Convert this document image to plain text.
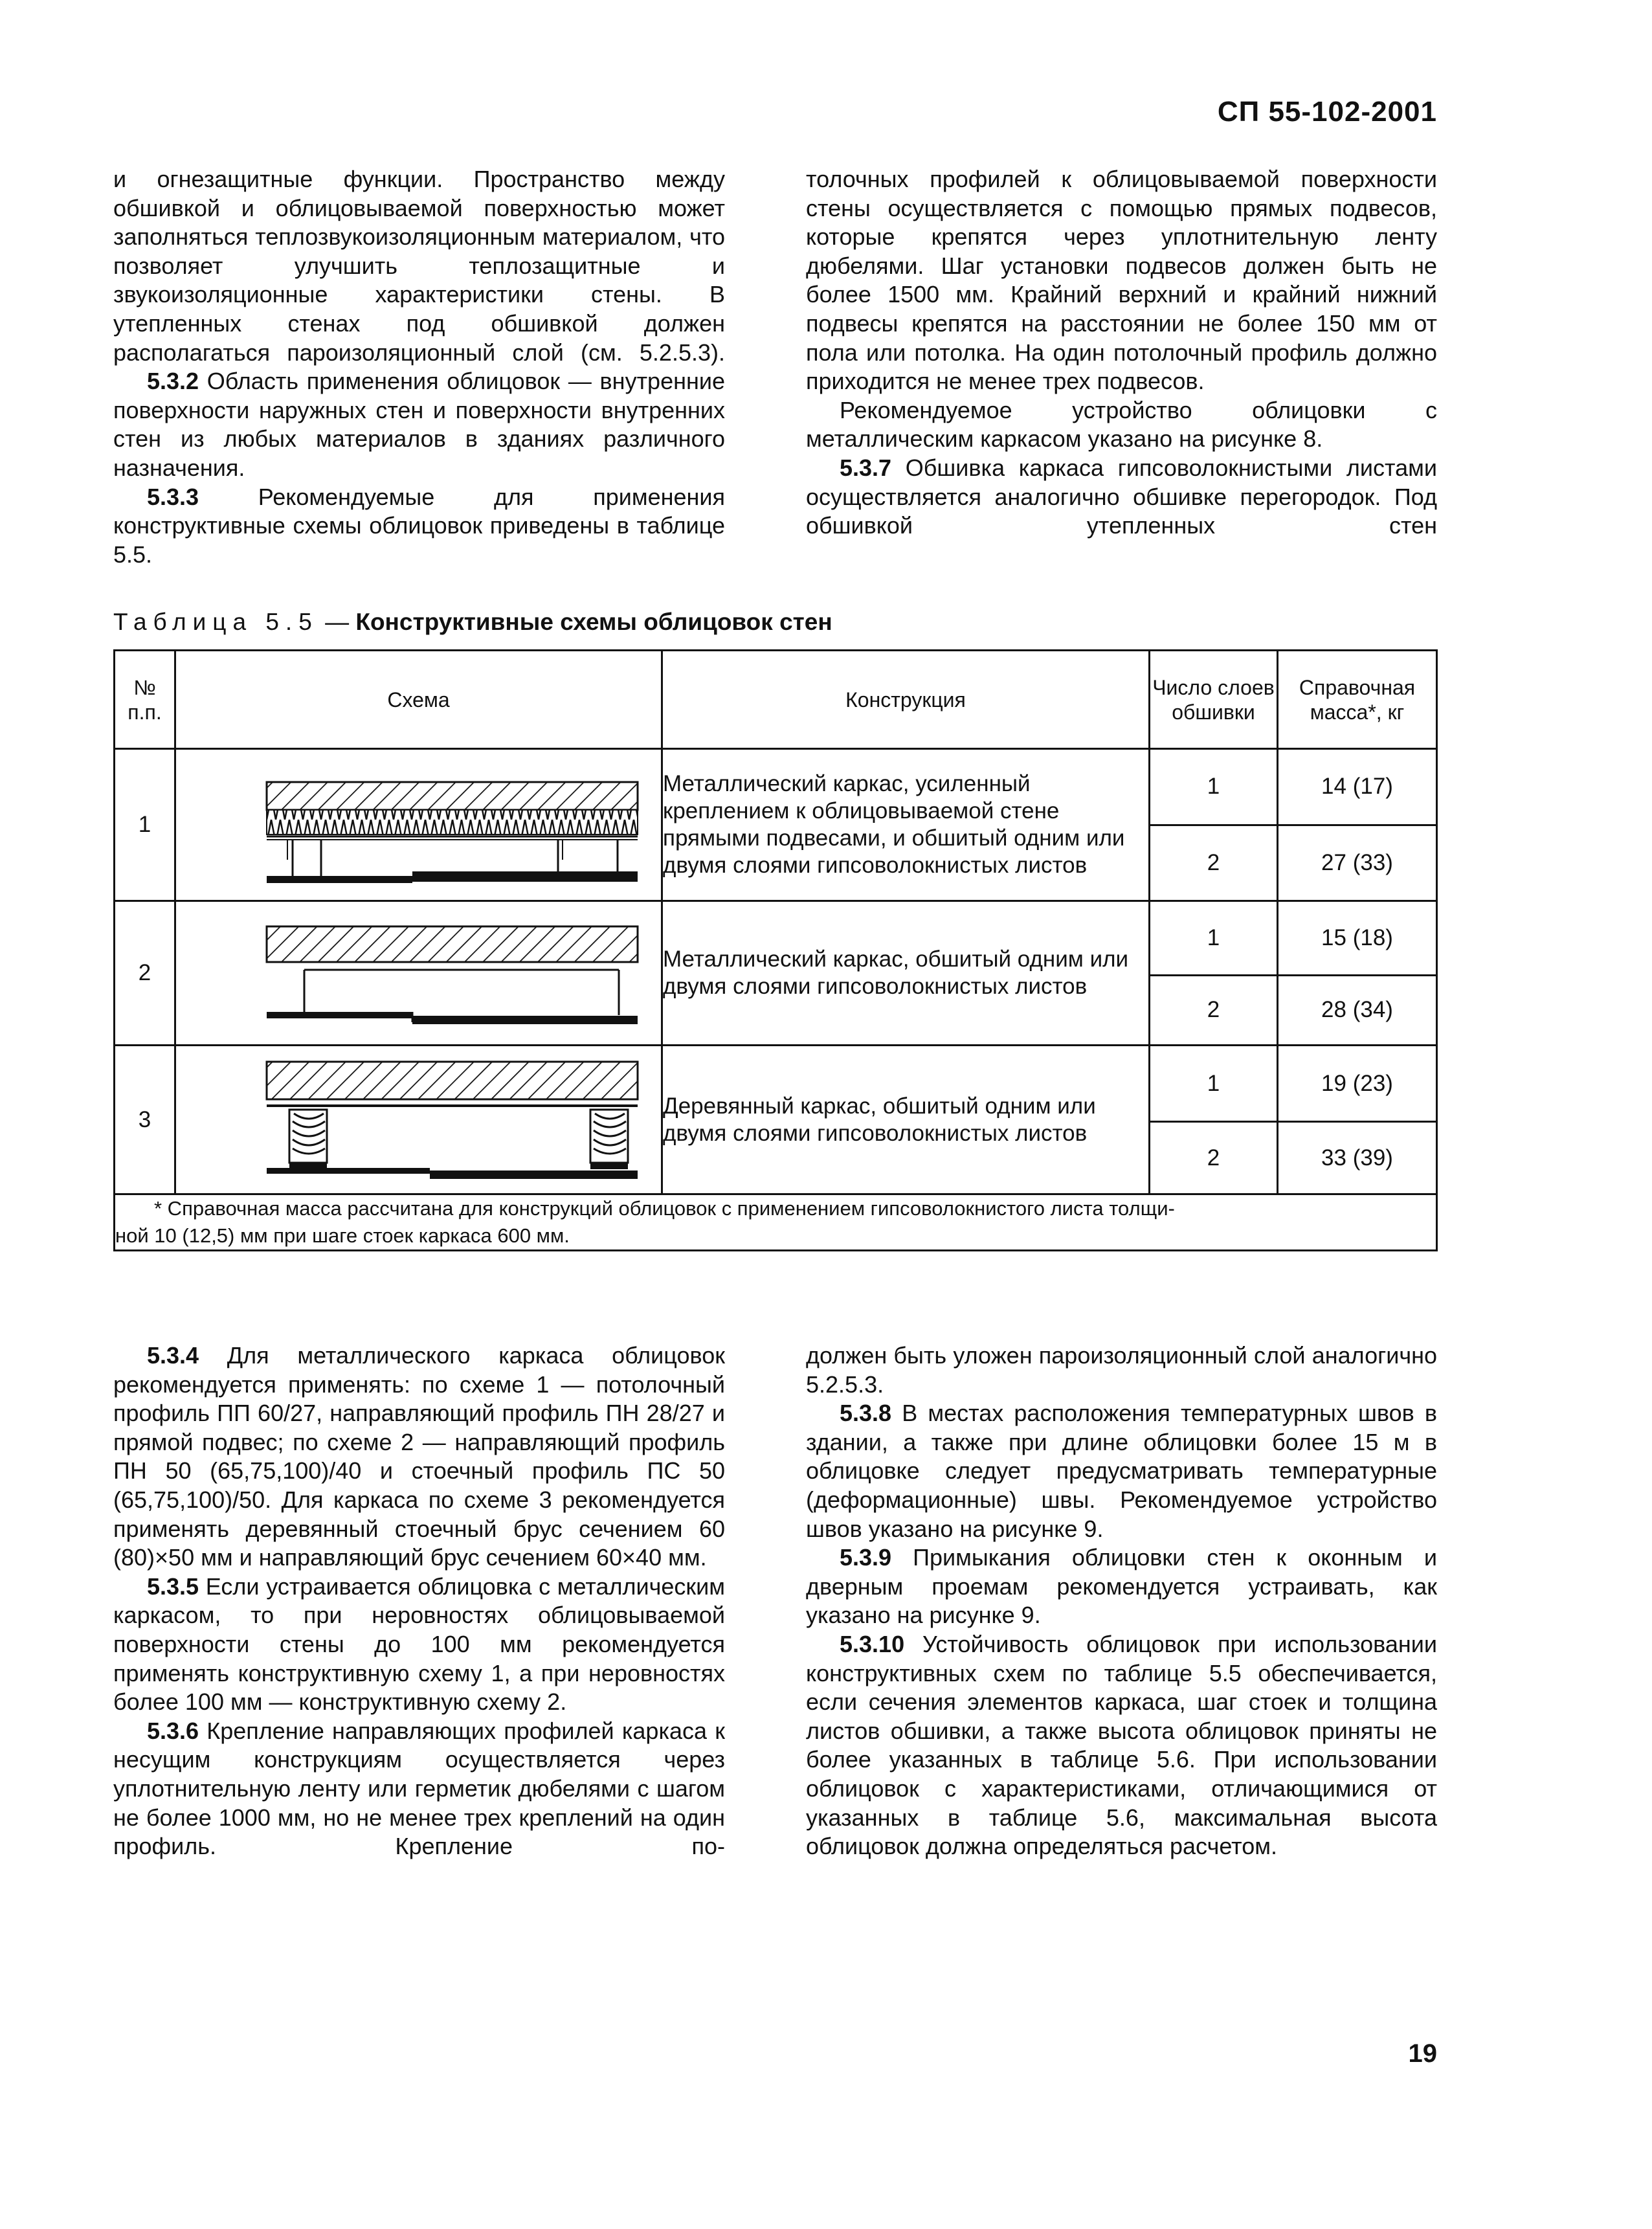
СП 55-102-2001

и огнезащитные функции. Пространство между обшивкой и облицовываемой поверхностью может заполняться теплозвукоизоляционным материалом, что позволяет улучшить теплозащитные и звукоизоляционные характеристики стены. В утепленных стенах под обшивкой должен располагаться пароизоляционный слой (см. 5.2.5.3).

5.3.2 Область применения облицовок — внутренние поверхности наружных стен и поверхности внутренних стен из любых материалов в зданиях различного назначения.

5.3.3 Рекомендуемые для применения конструктивные схемы облицовок приведены в таблице 5.5.

толочных профилей к облицовываемой поверхности стены осуществляется с помощью прямых подвесов, которые крепятся через уплотнительную ленту дюбелями. Шаг установки подвесов должен быть не более 1500 мм. Крайний верхний и крайний нижний подвесы крепятся на расстоянии не более 150 мм от пола или потолка. На один потолочный профиль должно приходится не менее трех подвесов.

Рекомендуемое устройство облицовки с металлическим каркасом указано на рисунке 8.

5.3.7 Обшивка каркаса гипсоволокнистыми листами осуществляется аналогично обшивке перегородок. Под обшивкой утепленных стен

Таблица 5.5 — Конструктивные схемы облицовок стен
№ п.п.	Схема	Конструкция	Число слоев обшивки	Справочная масса*, кг
1		Металлический каркас, усиленный креплением к облицовываемой стене прямыми подвесами, и обшитый одним или двумя слоями гипсоволокнистых листов	1	14 (17)
			2	27 (33)
2		Металлический каркас, обшитый одним или двумя слоями гипсоволокнистых листов	1	15 (18)
			2	28 (34)
3		Деревянный каркас, обшитый одним или двумя слоями гипсоволокнистых листов	1	19 (23)
			2	33 (39)

* Справочная масса рассчитана для конструкций облицовок с применением гипсоволокнистого листа толщи-
ной 10 (12,5) мм при шаге стоек каркаса 600 мм.				

5.3.4 Для металлического каркаса облицовок рекомендуется применять: по схеме 1 — потолочный профиль ПП 60/27, направляющий профиль ПН 28/27 и прямой подвес; по схеме 2 — направляющий профиль ПН 50 (65,75,100)/40 и стоечный профиль ПС 50 (65,75,100)/50. Для каркаса по схеме 3 рекомендуется применять деревянный стоечный брус сечением 60 (80)×50 мм и направляющий брус сечением 60×40 мм.

5.3.5 Если устраивается облицовка с металлическим каркасом, то при неровностях облицовываемой поверхности стены до 100 мм рекомендуется применять конструктивную схему 1, а при неровностях более 100 мм — конструктивную схему 2.

5.3.6 Крепление направляющих профилей каркаса к несущим конструкциям осуществляется через уплотнительную ленту или герметик дюбелями с шагом не более 1000 мм, но не менее трех креплений на один профиль. Крепление по-

должен быть уложен пароизоляционный слой аналогично 5.2.5.3.

5.3.8 В местах расположения температурных швов в здании, а также при длине облицовки более 15 м в облицовке следует предусматривать температурные (деформационные) швы. Рекомендуемое устройство швов указано на рисунке 9.

5.3.9 Примыкания облицовки стен к оконным и дверным проемам рекомендуется устраивать, как указано на рисунке 9.

5.3.10 Устойчивость облицовок при использовании конструктивных схем по таблице 5.5 обеспечивается, если сечения элементов каркаса, шаг стоек и толщина листов обшивки, а также высота облицовок приняты не более указанных в таблице 5.6. При использовании облицовок с характеристиками, отличающимися от указанных в таблице 5.6, максимальная высота облицовок должна определяться расчетом.

19
